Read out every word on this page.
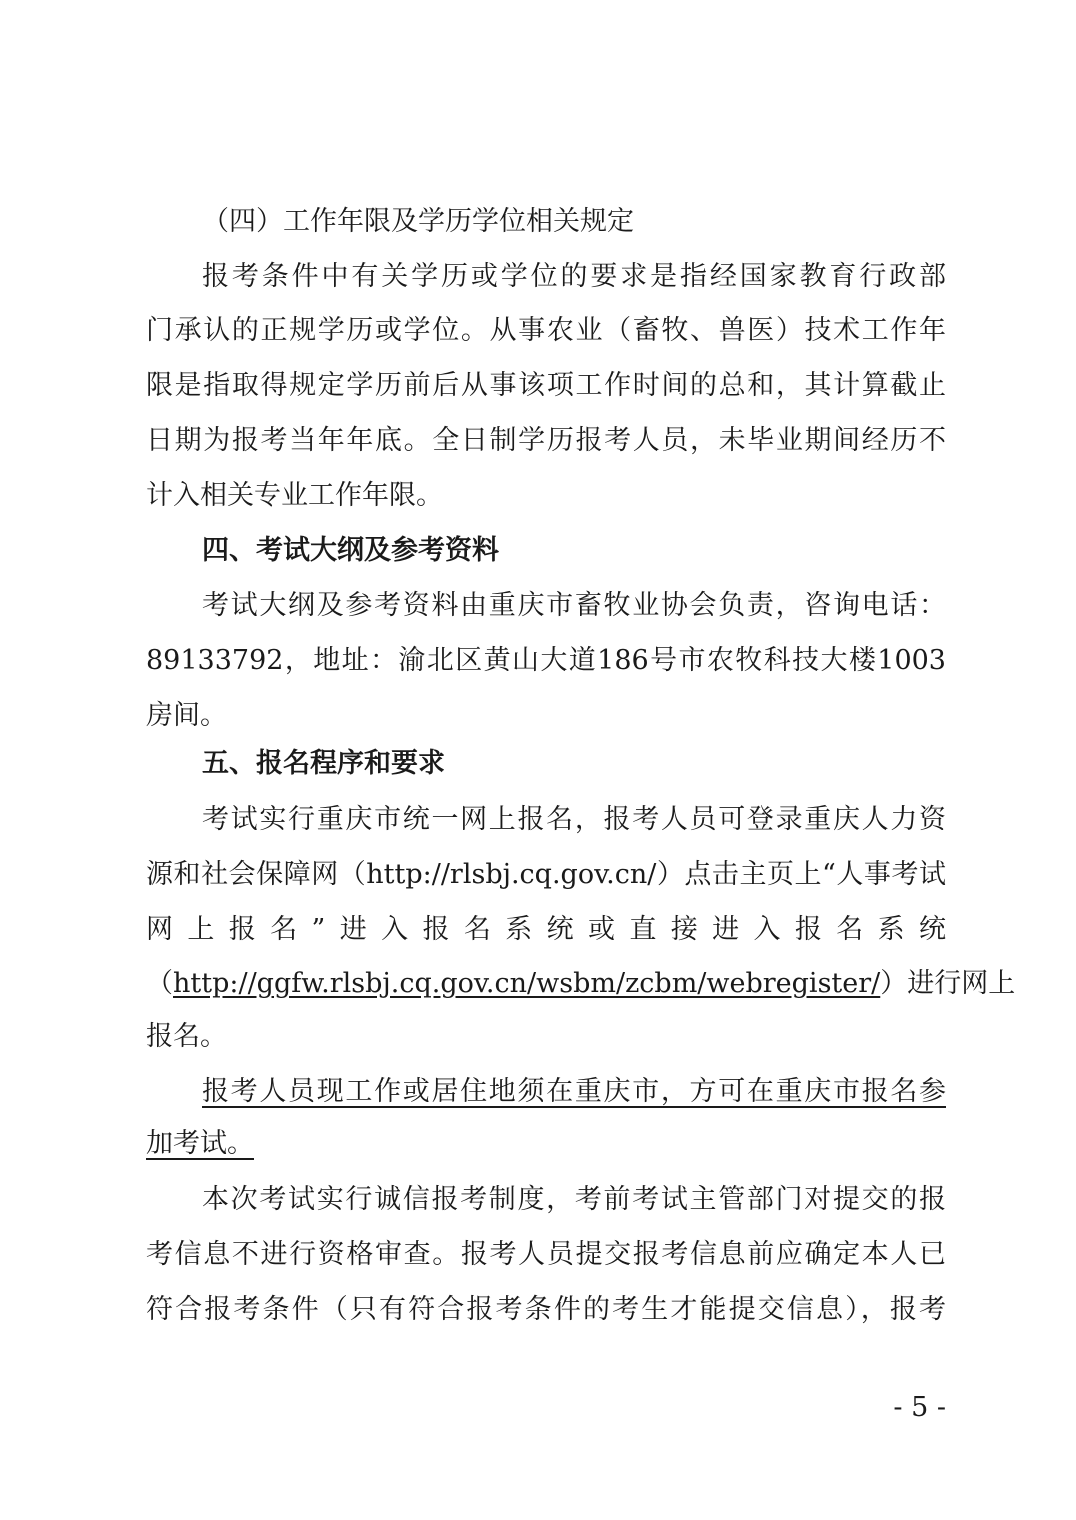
（四）工作年限及学历学位相关规定
报考条件中有关学历或学位的要求是指经国家教育行政部
门承认的正规学历或学位。从事农业（畜牧、兽医）技术工作年
限是指取得规定学历前后从事该项工作时间的总和，其计算截止
日期为报考当年年底。全日制学历报考人员，未毕业期间经历不
计入相关专业工作年限。
四、考试大纲及参考资料
考试大纲及参考资料由重庆市畜牧业协会负责，咨询电话：
89133792，地址：渝北区黄山大道186号市农牧科技大楼1003
房间。
五、报名程序和要求
考试实行重庆市统一网上报名，报考人员可登录重庆人力资
源和社会保障网（http://rlsbj.cq.gov.cn/）点击主页上“人事考试
网上报名”进入报名系统或直接进入报名系统
（http://ggfw.rlsbj.cq.gov.cn/wsbm/zcbm/webregister/）进行网上
报名。
报考人员现工作或居住地须在重庆市，方可在重庆市报名参
加考试。
本次考试实行诚信报考制度，考前考试主管部门对提交的报
考信息不进行资格审查。报考人员提交报考信息前应确定本人已
符合报考条件（只有符合报考条件的考生才能提交信息），报考
- 5 -
